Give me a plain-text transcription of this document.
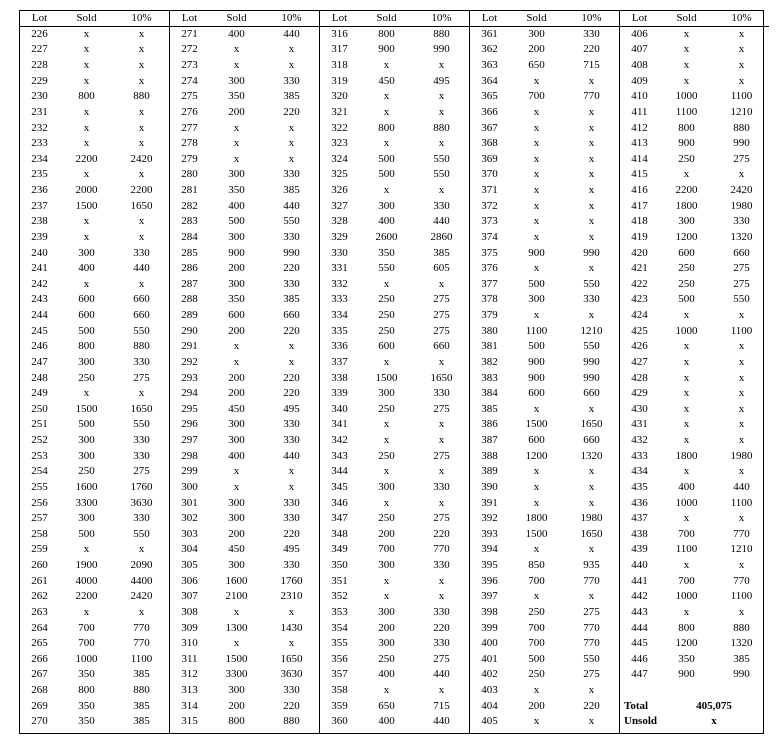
Lot	Sold	10%
226	x	x
227	x	x
228	x	x
229	x	x
230	800	880
231	x	x
232	x	x
233	x	x
234	2200	2420
235	x	x
236	2000	2200
237	1500	1650
238	x	x
239	x	x
240	300	330
241	400	440
242	x	x
243	600	660
244	600	660
245	500	550
246	800	880
247	300	330
248	250	275
249	x	x
250	1500	1650
251	500	550
252	300	330
253	300	330
254	250	275
255	1600	1760
256	3300	3630
257	300	330
258	500	550
259	x	x
260	1900	2090
261	4000	4400
262	2200	2420
263	x	x
264	700	770
265	700	770
266	1000	1100
267	350	385
268	800	880
269	350	385
270	350	385
Lot	Sold	10%
271	400	440
272	x	x
273	x	x
274	300	330
275	350	385
276	200	220
277	x	x
278	x	x
279	x	x
280	300	330
281	350	385
282	400	440
283	500	550
284	300	330
285	900	990
286	200	220
287	300	330
288	350	385
289	600	660
290	200	220
291	x	x
292	x	x
293	200	220
294	200	220
295	450	495
296	300	330
297	300	330
298	400	440
299	x	x
300	x	x
301	300	330
302	300	330
303	200	220
304	450	495
305	300	330
306	1600	1760
307	2100	2310
308	x	x
309	1300	1430
310	x	x
311	1500	1650
312	3300	3630
313	300	330
314	200	220
315	800	880
Lot	Sold	10%
316	800	880
317	900	990
318	x	x
319	450	495
320	x	x
321	x	x
322	800	880
323	x	x
324	500	550
325	500	550
326	x	x
327	300	330
328	400	440
329	2600	2860
330	350	385
331	550	605
332	x	x
333	250	275
334	250	275
335	250	275
336	600	660
337	x	x
338	1500	1650
339	300	330
340	250	275
341	x	x
342	x	x
343	250	275
344	x	x
345	300	330
346	x	x
347	250	275
348	200	220
349	700	770
350	300	330
351	x	x
352	x	x
353	300	330
354	200	220
355	300	330
356	250	275
357	400	440
358	x	x
359	650	715
360	400	440
Lot	Sold	10%
361	300	330
362	200	220
363	650	715
364	x	x
365	700	770
366	x	x
367	x	x
368	x	x
369	x	x
370	x	x
371	x	x
372	x	x
373	x	x
374	x	x
375	900	990
376	x	x
377	500	550
378	300	330
379	x	x
380	1100	1210
381	500	550
382	900	990
383	900	990
384	600	660
385	x	x
386	1500	1650
387	600	660
388	1200	1320
389	x	x
390	x	x
391	x	x
392	1800	1980
393	1500	1650
394	x	x
395	850	935
396	700	770
397	x	x
398	250	275
399	700	770
400	700	770
401	500	550
402	250	275
403	x	x
404	200	220
405	x	x
Lot	Sold	10%
406	x	x
407	x	x
408	x	x
409	x	x
410	1000	1100
411	1100	1210
412	800	880
413	900	990
414	250	275
415	x	x
416	2200	2420
417	1800	1980
418	300	330
419	1200	1320
420	600	660
421	250	275
422	250	275
423	500	550
424	x	x
425	1000	1100
426	x	x
427	x	x
428	x	x
429	x	x
430	x	x
431	x	x
432	x	x
433	1800	1980
434	x	x
435	400	440
436	1000	1100
437	x	x
438	700	770
439	1100	1210
440	x	x
441	700	770
442	1000	1100
443	x	x
444	800	880
445	1200	1320
446	350	385
447	900	990
Total	405,075
Unsold	x
